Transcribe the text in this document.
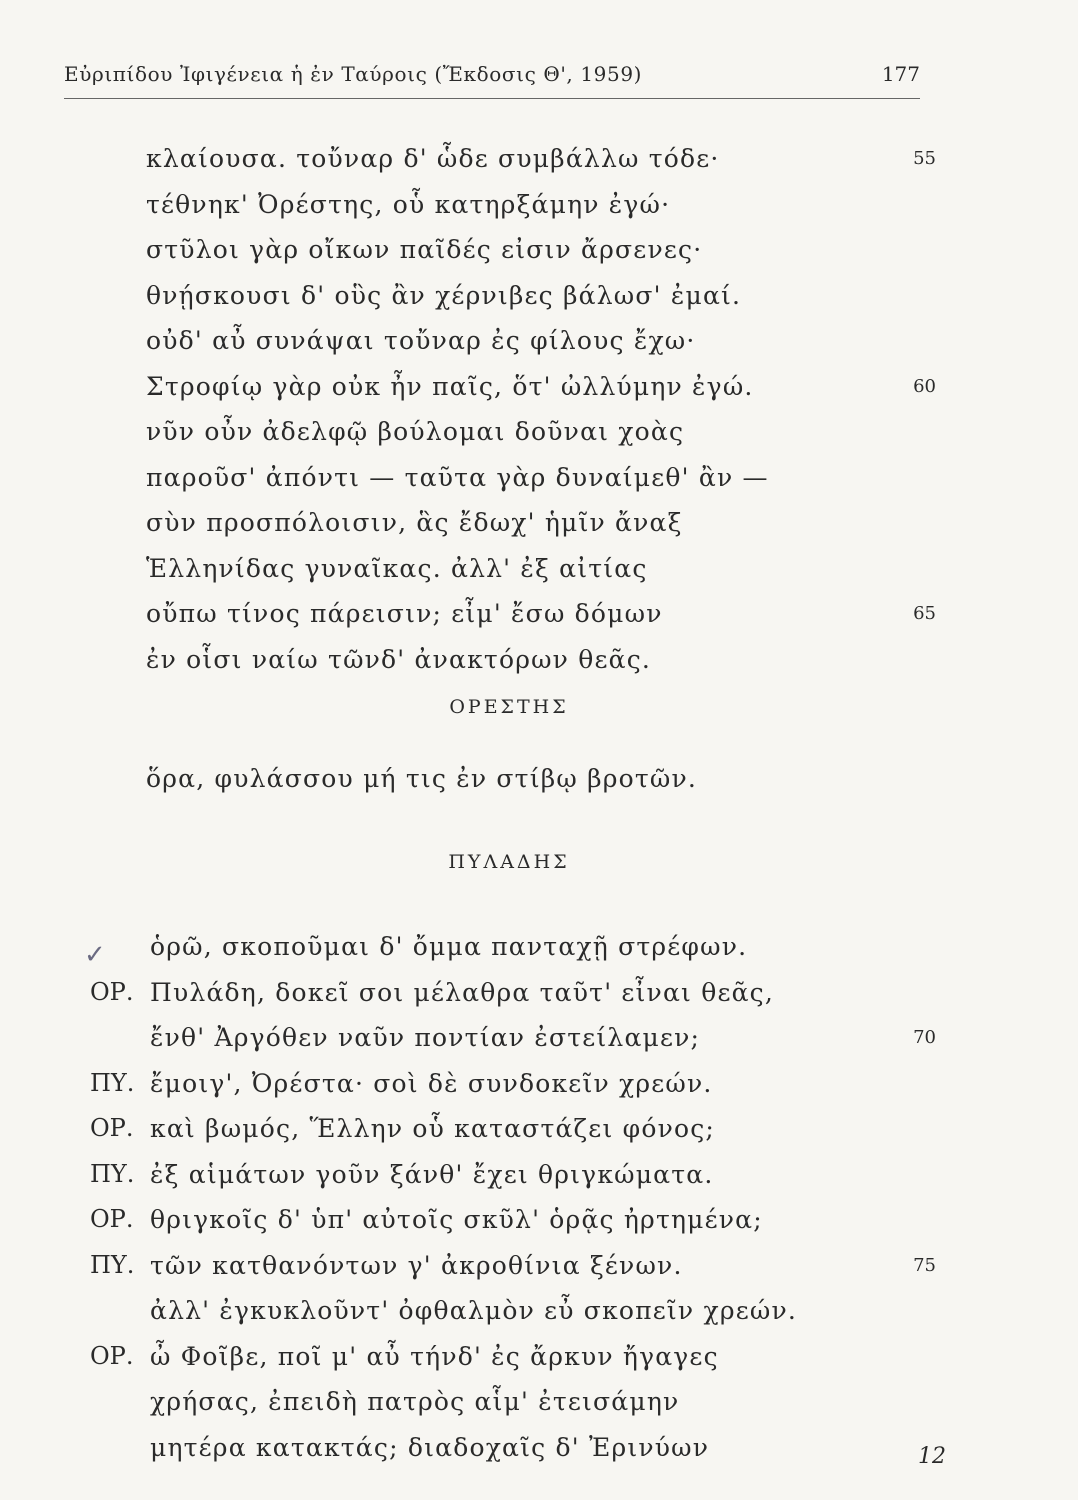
Εὐριπίδου Ἰφιγένεια ἡ ἐν Ταύροις (Ἔκδοσις Θ', 1959)	177
κλαίουσα. τοὔναρ δ' ὧδε συμβάλλω τόδε·	55
τέθνηκ' Ὀρέστης, οὗ κατηρξάμην ἐγώ·
στῦλοι γὰρ οἴκων παῖδές εἰσιν ἄρσενες·
θνῄσκουσι δ' οὓς ἂν χέρνιβες βάλωσ' ἐμαί.
οὐδ' αὖ συνάψαι τοὔναρ ἐς φίλους ἔχω·
Στροφίῳ γὰρ οὐκ ἦν παῖς, ὅτ' ὠλλύμην ἐγώ.	60
νῦν οὖν ἀδελφῷ βούλομαι δοῦναι χοὰς
παροῦσ' ἀπόντι — ταῦτα γὰρ δυναίμεθ' ἂν —
σὺν προσπόλοισιν, ἃς ἔδωχ' ἡμῖν ἄναξ
Ἑλληνίδας γυναῖκας. ἀλλ' ἐξ αἰτίας
οὔπω τίνος πάρεισιν; εἶμ' ἔσω δόμων	65
ἐν οἷσι ναίω τῶνδ' ἀνακτόρων θεᾶς.
ΟΡΕΣΤΗΣ
ὅρα, φυλάσσου μή τις ἐν στίβῳ βροτῶν.
ΠΥΛΑΔΗΣ
✓ ὁρῶ, σκοποῦμαι δ' ὄμμα πανταχῇ στρέφων.
ΟΡ. Πυλάδη, δοκεῖ σοι μέλαθρα ταῦτ' εἶναι θεᾶς,
ἔνθ' Ἀργόθεν ναῦν ποντίαν ἐστείλαμεν;	70
ΠΥ. ἔμοιγ', Ὀρέστα· σοὶ δὲ συνδοκεῖν χρεών.
ΟΡ. καὶ βωμός, Ἕλλην οὗ καταστάζει φόνος;
ΠΥ. ἐξ αἱμάτων γοῦν ξάνθ' ἔχει θριγκώματα.
ΟΡ. θριγκοῖς δ' ὑπ' αὐτοῖς σκῦλ' ὁρᾷς ἠρτημένα;
ΠΥ. τῶν κατθανόντων γ' ἀκροθίνια ξένων.	75
ἀλλ' ἐγκυκλοῦντ' ὀφθαλμὸν εὖ σκοπεῖν χρεών.
ΟΡ. ὦ Φοῖβε, ποῖ μ' αὖ τήνδ' ἐς ἄρκυν ἤγαγες
χρήσας, ἐπειδὴ πατρὸς αἷμ' ἐτεισάμην
μητέρα κατακτάς; διαδοχαῖς δ' Ἐρινύων	12
